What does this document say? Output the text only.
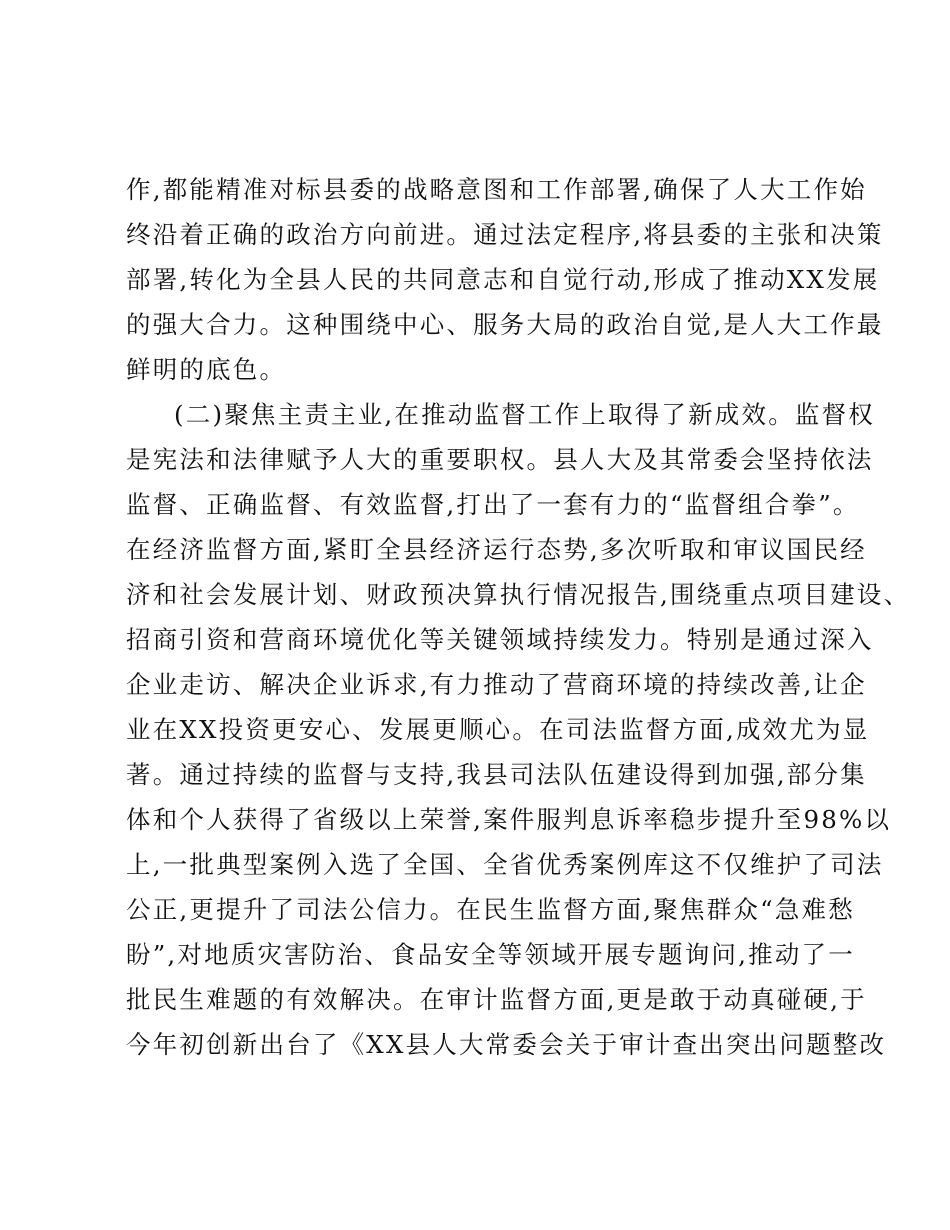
作,都能精准对标县委的战略意图和工作部署,确保了人大工作始
终沿着正确的政治方向前进。通过法定程序,将县委的主张和决策
部署,转化为全县人民的共同意志和自觉行动,形成了推动XX发展
的强大合力。这种围绕中心、服务大局的政治自觉,是人大工作最
鲜明的底色。
(二)聚焦主责主业,在推动监督工作上取得了新成效。监督权
是宪法和法律赋予人大的重要职权。县人大及其常委会坚持依法
监督、正确监督、有效监督,打出了一套有力的“监督组合拳”。
在经济监督方面,紧盯全县经济运行态势,多次听取和审议国民经
济和社会发展计划、财政预决算执行情况报告,围绕重点项目建设、
招商引资和营商环境优化等关键领域持续发力。特别是通过深入
企业走访、解决企业诉求,有力推动了营商环境的持续改善,让企
业在XX投资更安心、发展更顺心。在司法监督方面,成效尤为显
著。通过持续的监督与支持,我县司法队伍建设得到加强,部分集
体和个人获得了省级以上荣誉,案件服判息诉率稳步提升至98%以
上,一批典型案例入选了全国、全省优秀案例库这不仅维护了司法
公正,更提升了司法公信力。在民生监督方面,聚焦群众“急难愁
盼”,对地质灾害防治、食品安全等领域开展专题询问,推动了一
批民生难题的有效解决。在审计监督方面,更是敢于动真碰硬,于
今年初创新出台了《XX县人大常委会关于审计查出突出问题整改
